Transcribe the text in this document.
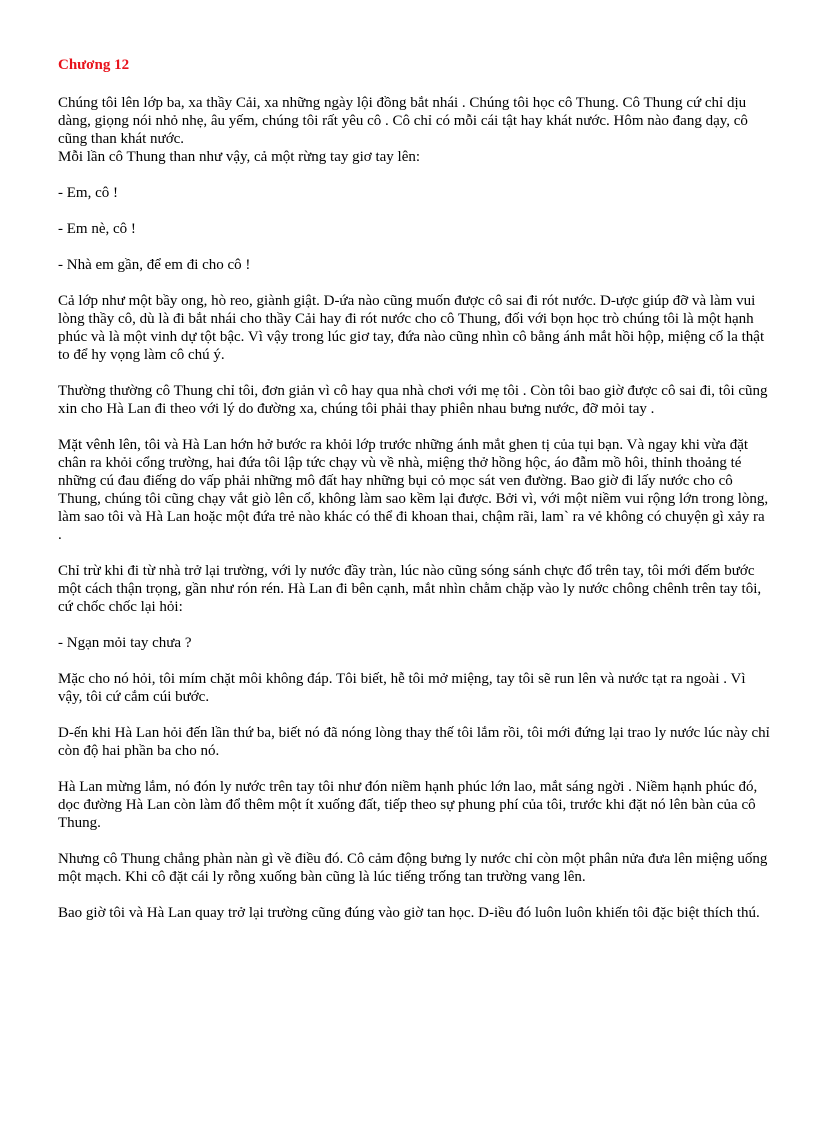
Chương 12

Chúng tôi lên lớp ba, xa thầy Cải, xa những ngày lội đồng bắt nhái . Chúng tôi học cô Thung. Cô Thung cứ chỉ dịu dàng, giọng nói nhỏ nhẹ, âu yếm, chúng tôi rất yêu cô . Cô chỉ có mỗi cái tật hay khát nước. Hôm nào đang dạy, cô cũng than khát nước.

Mỗi lần cô Thung than như vậy, cả một rừng tay giơ tay lên:

- Em, cô !

- Em nè, cô !

- Nhà em gần, để em đi cho cô !

Cả lớp như một bầy ong, hò reo, giành giật. D-ứa nào cũng muốn được cô sai đi rót nước. D-ược giúp đỡ và làm vui lòng thầy cô, dù là đi bắt nhái cho thầy Cải hay đi rót nước cho cô Thung, đối với bọn học trò chúng tôi là một hạnh phúc và là một vinh dự tột bậc. Vì vậy trong lúc giơ tay, đứa nào cũng nhìn cô bằng ánh mắt hồi hộp, miệng cố la thật to để hy vọng làm cô chú ý.

Thường thường cô Thung chỉ tôi, đơn giản vì cô hay qua nhà chơi với mẹ tôi . Còn tôi bao giờ được cô sai đi, tôi cũng xin cho Hà Lan đi theo với lý do đường xa, chúng tôi phải thay phiên nhau bưng nước, đỡ mỏi tay .

Mặt vênh lên, tôi và Hà Lan hớn hở bước ra khỏi lớp trước những ánh mắt ghen tị của tụi bạn. Và ngay khi vừa đặt chân ra khỏi cổng trường, hai đứa tôi lập tức chạy vù về nhà, miệng thở hồng hộc, áo đẫm mồ hôi, thỉnh thoảng té những cú đau điếng do vấp phải những mô đất hay những bụi cỏ mọc sát ven đường. Bao giờ đi lấy nước cho cô Thung, chúng tôi cũng chạy vắt giò lên cổ, không làm sao kềm lại được. Bởi vì, với một niềm vui rộng lớn trong lòng, làm sao tôi và Hà Lan hoặc một đứa trẻ nào khác có thể đi khoan thai, chậm rãi, lam` ra vẻ không có chuyện gì xảy ra .

Chỉ trừ khi đi từ nhà trở lại trường, với ly nước đầy tràn, lúc nào cũng sóng sánh chực đổ trên tay, tôi mới đếm bước một cách thận trọng, gần như rón rén. Hà Lan đi bên cạnh, mắt nhìn chằm chặp vào ly nước chông chênh trên tay tôi, cứ chốc chốc lại hỏi:

- Ngạn mỏi tay chưa ?

Mặc cho nó hỏi, tôi mím chặt môi không đáp. Tôi biết, hễ tôi mở miệng, tay tôi sẽ run lên và nước tạt ra ngoài . Vì vậy, tôi cứ cắm cúi bước.

D-ến khi Hà Lan hỏi đến lần thứ ba, biết nó đã nóng lòng thay thế tôi lắm rồi, tôi mới đứng lại trao ly nước lúc này chỉ còn độ hai phần ba cho nó.

Hà Lan mừng lắm, nó đón ly nước trên tay tôi như đón niềm hạnh phúc lớn lao, mắt sáng ngời . Niềm hạnh phúc đó, dọc đường Hà Lan còn làm đổ thêm một ít xuống đất, tiếp theo sự phung phí của tôi, trước khi đặt nó lên bàn của cô Thung.

Nhưng cô Thung chẳng phàn nàn gì về điều đó. Cô cảm động bưng ly nước chỉ còn một phân nửa đưa lên miệng uống một mạch. Khi cô đặt cái ly rỗng xuống bàn cũng là lúc tiếng trống tan trường vang lên.

Bao giờ tôi và Hà Lan quay trở lại trường cũng đúng vào giờ tan học. D-iều đó luôn luôn khiến tôi đặc biệt thích thú.
